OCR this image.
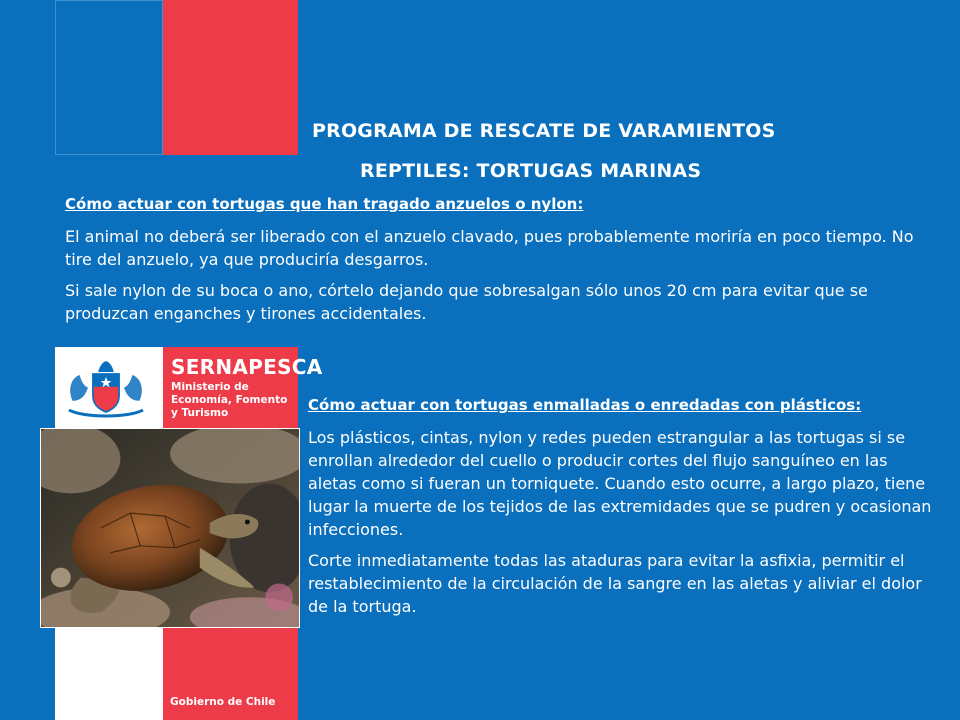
PROGRAMA DE RESCATE DE VARAMIENTOS
REPTILES: TORTUGAS MARINAS

Cómo actuar con tortugas que han tragado anzuelos o nylon:

El animal no deberá ser liberado con el anzuelo clavado, pues probablemente moriría en poco tiempo. No tire del anzuelo, ya que produciría desgarros.

Si sale nylon de su boca o ano, córtelo dejando que sobresalgan sólo unos 20 cm para evitar que se produzcan enganches y tirones accidentales.

SERNAPESCA
Ministerio de
Economía, Fomento
y Turismo
Gobierno de Chile

Cómo actuar con tortugas enmalladas o enredadas con plásticos:

Los plásticos, cintas, nylon y redes pueden estrangular a las tortugas si se enrollan alrededor del cuello o producir cortes del flujo sanguíneo en las aletas como si fueran un torniquete. Cuando esto ocurre, a largo plazo, tiene lugar la muerte de los tejidos de las extremidades que se pudren y ocasionan infecciones.

Corte inmediatamente todas las ataduras para evitar la asfixia, permitir el restablecimiento de la circulación de la sangre en las aletas y aliviar el dolor de la tortuga.
